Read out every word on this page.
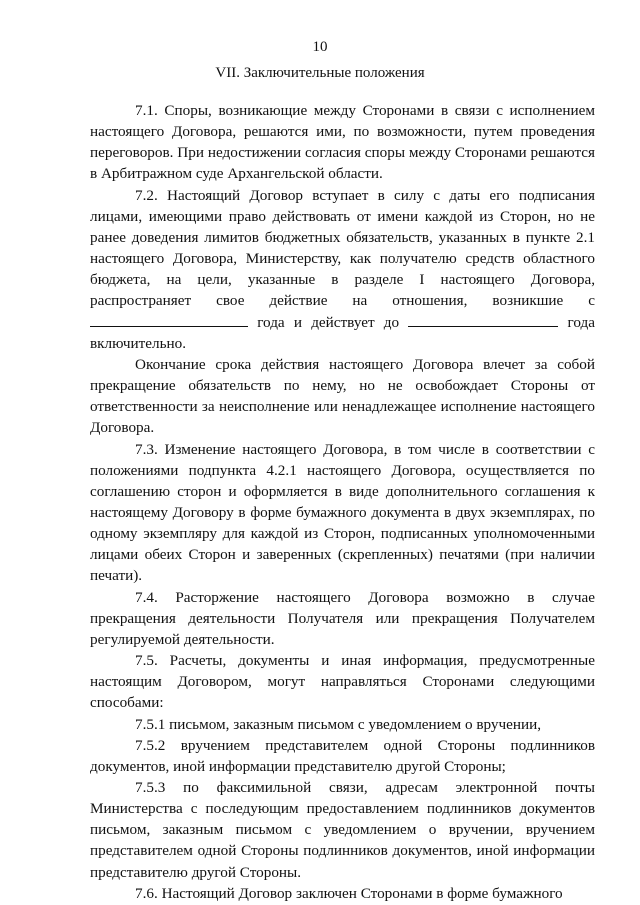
10
VII. Заключительные положения

7.1. Споры, возникающие между Сторонами в связи с исполнением настоящего Договора, решаются ими, по возможности, путем проведения переговоров. При недостижении согласия споры между Сторонами решаются в Арбитражном суде Архангельской области.

7.2. Настоящий Договор вступает в силу с даты его подписания лицами, имеющими право действовать от имени каждой из Сторон, но не ранее доведения лимитов бюджетных обязательств, указанных в пункте 2.1 настоящего Договора, Министерству, как получателю средств областного бюджета, на цели, указанные в разделе I настоящего Договора, распространяет свое действие на отношения, возникшие с  года и действует до	года включительно.

Окончание срока действия настоящего Договора влечет за собой прекращение обязательств по нему, но не освобождает Стороны от ответственности за неисполнение или ненадлежащее исполнение настоящего Договора.

7.3. Изменение настоящего Договора, в том числе в соответствии с положениями подпункта 4.2.1 настоящего Договора, осуществляется по соглашению сторон и оформляется в виде дополнительного соглашения к настоящему Договору в форме бумажного документа в двух экземплярах, по одному экземпляру для каждой из Сторон, подписанных уполномоченными лицами обеих Сторон и заверенных (скрепленных) печатями (при наличии печати).

7.4. Расторжение настоящего Договора возможно в случае прекращения деятельности Получателя или прекращения Получателем регулируемой деятельности.

7.5. Расчеты, документы и иная информация, предусмотренные настоящим Договором, могут направляться Сторонами следующими способами:

7.5.1 письмом, заказным письмом с уведомлением о вручении,

7.5.2 вручением представителем одной Стороны подлинников документов, иной информации представителю другой Стороны;

7.5.3 по факсимильной связи, адресам электронной почты Министерства с последующим предоставлением подлинников документов письмом, заказным письмом с уведомлением о вручении, вручением представителем одной Стороны подлинников документов, иной информации представителю другой Стороны.

7.6. Настоящий Договор заключен Сторонами в форме бумажного
